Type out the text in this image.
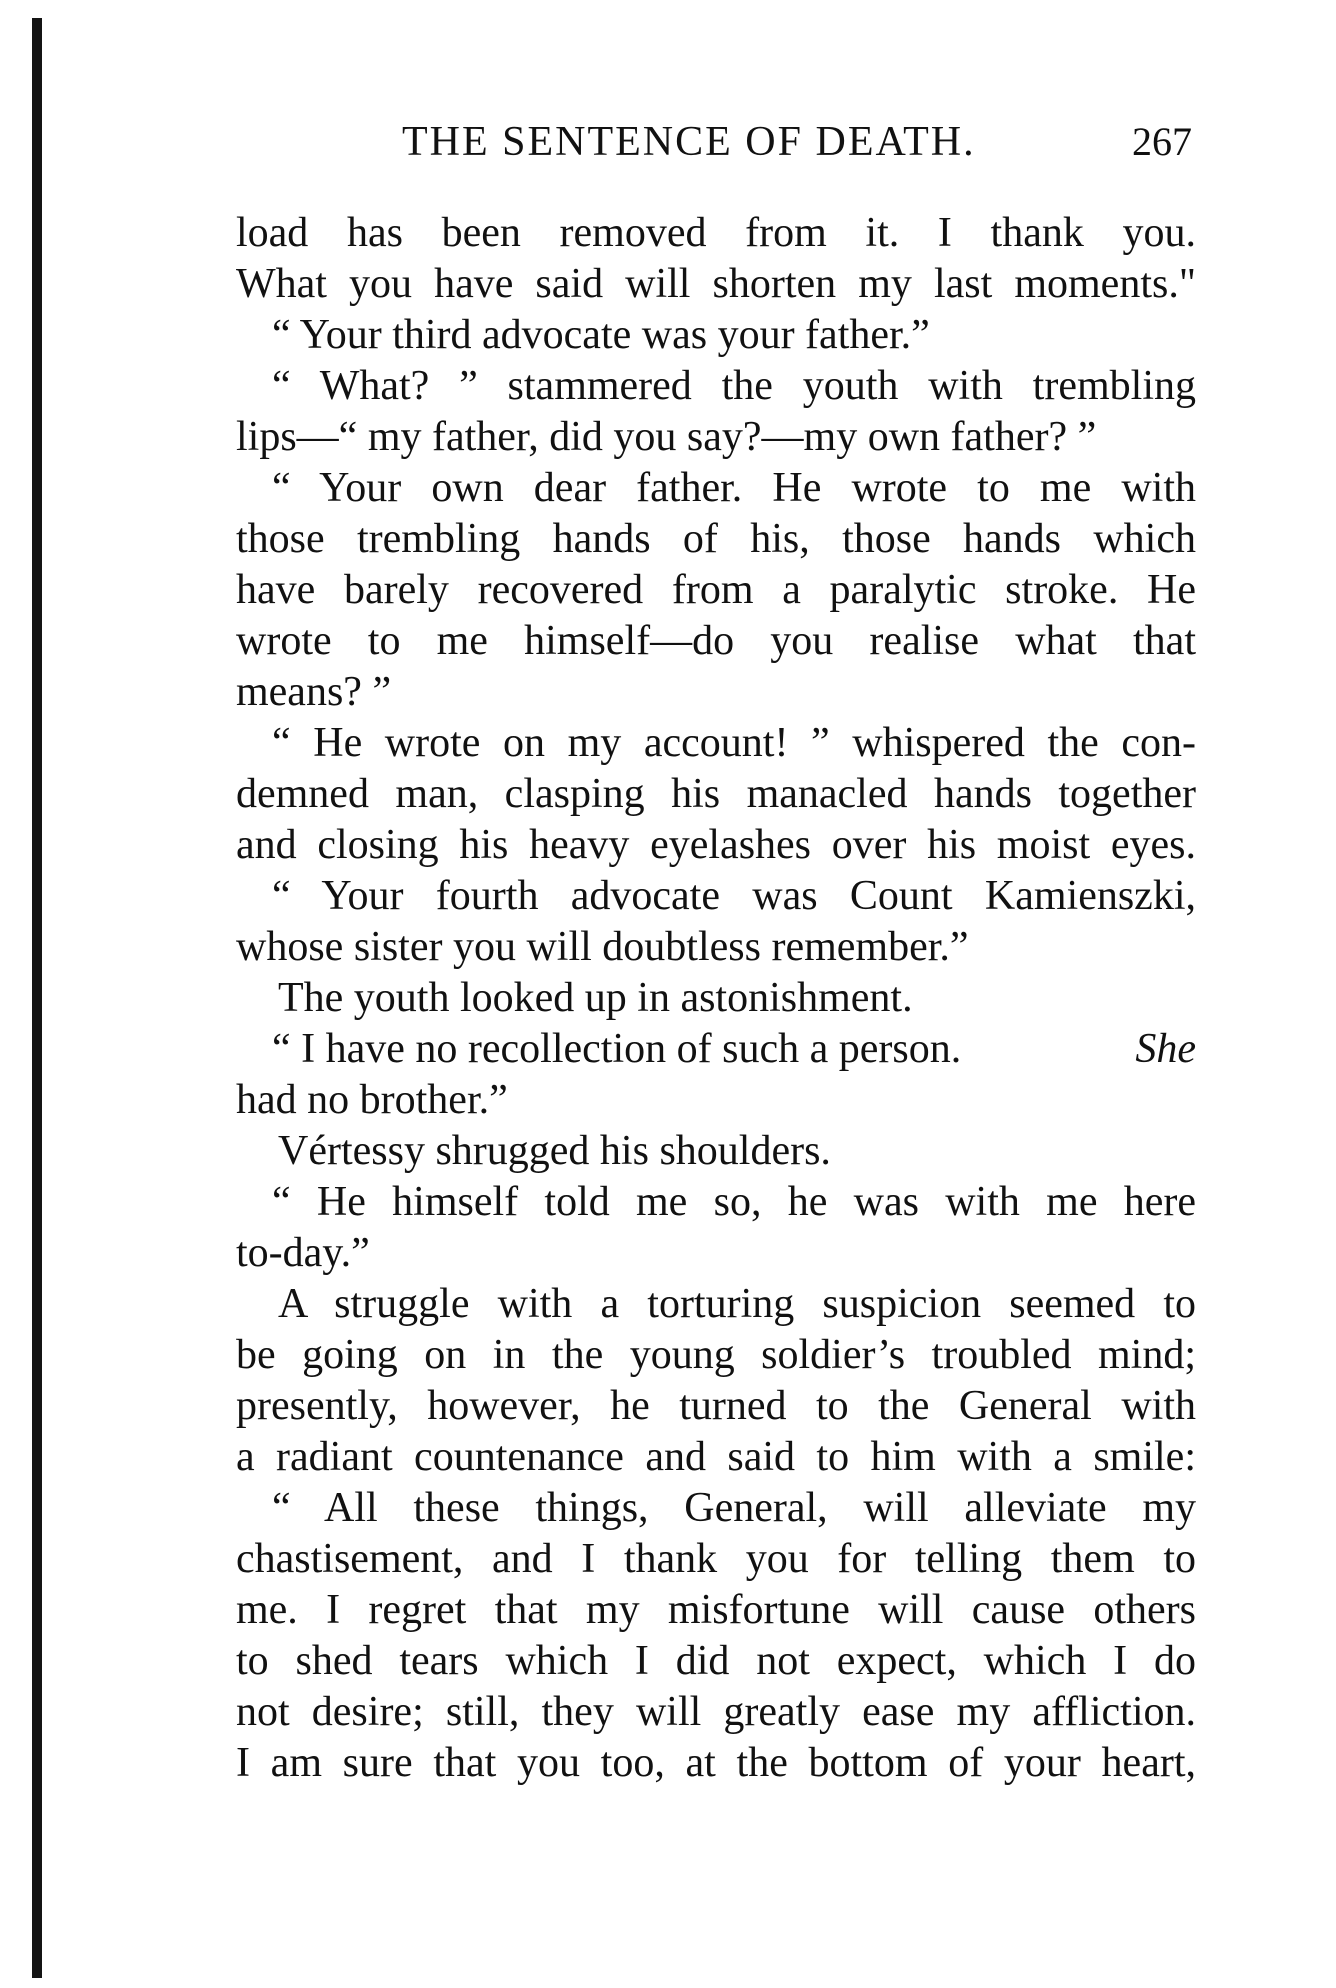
THE SENTENCE OF DEATH.	267
load has been removed from it. I thank you.
What you have said will shorten my last moments."
“ Your third advocate was your father.”
“ What? ” stammered the youth with trembling
lips—“ my father, did you say?—my own father? ”
“ Your own dear father. He wrote to me with
those trembling hands of his, those hands which
have barely recovered from a paralytic stroke. He
wrote to me himself—do you realise what that
means? ”
“ He wrote on my account! ” whispered the con-
demned man, clasping his manacled hands together
and closing his heavy eyelashes over his moist eyes.
“ Your fourth advocate was Count Kamienszki,
whose sister you will doubtless remember.”
The youth looked up in astonishment.
“ I have no recollection of such a person.
	She
had no brother.”
Vértessy shrugged his shoulders.
“ He himself told me so, he was with me here
to-day.”
A struggle with a torturing suspicion seemed to
be going on in the young soldier’s troubled mind;
presently, however, he turned to the General with
a radiant countenance and said to him with a smile:
“ All these things, General, will alleviate my
chastisement, and I thank you for telling them to
me. I regret that my misfortune will cause others
to shed tears which I did not expect, which I do
not desire; still, they will greatly ease my affliction.
I am sure that you too, at the bottom of your heart,
